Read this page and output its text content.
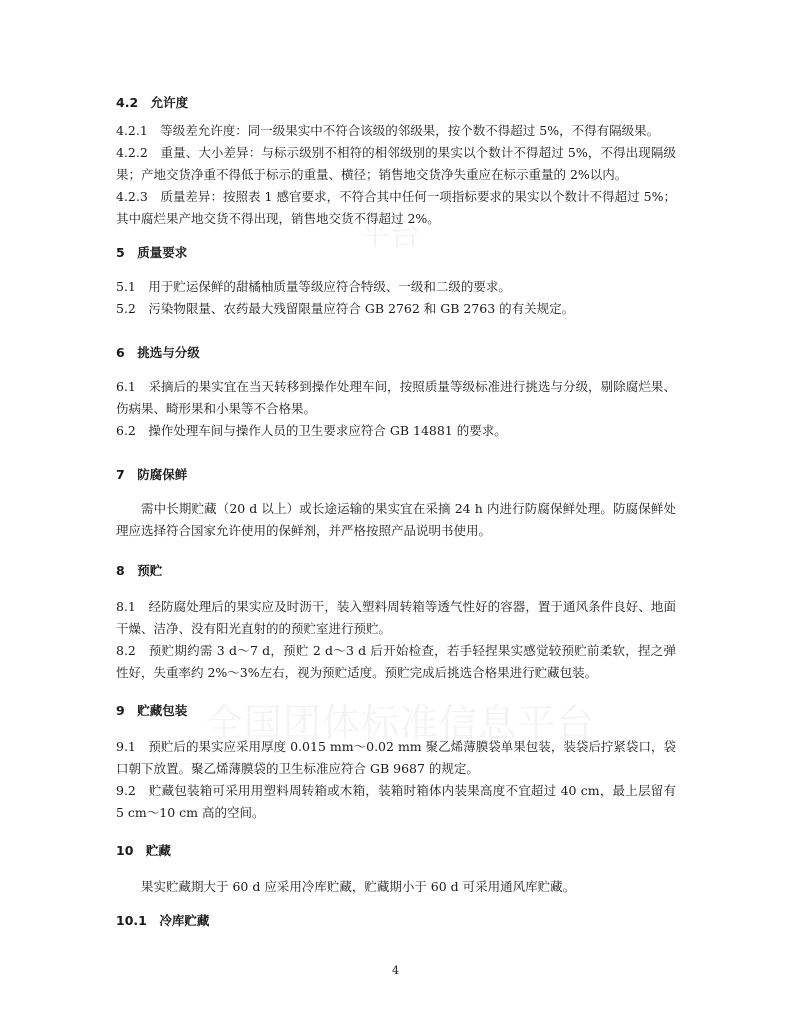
平台
全国团体标准信息平台
4.2　允许度
4.2.1　等级差允许度：同一级果实中不符合该级的邻级果，按个数不得超过 5%，不得有隔级果。
4.2.2　重量、大小差异：与标示级别不相符的相邻级别的果实以个数计不得超过 5%，不得出现隔级果；产地交货净重不得低于标示的重量、横径；销售地交货净失重应在标示重量的 2%以内。
4.2.3　质量差异：按照表 1 感官要求，不符合其中任何一项指标要求的果实以个数计不得超过 5%；其中腐烂果产地交货不得出现，销售地交货不得超过 2%。
5　质量要求
5.1　用于贮运保鲜的甜橘柚质量等级应符合特级、一级和二级的要求。
5.2　污染物限量、农药最大残留限量应符合 GB 2762 和 GB 2763 的有关规定。
6　挑选与分级
6.1　采摘后的果实宜在当天转移到操作处理车间，按照质量等级标准进行挑选与分级，剔除腐烂果、伤病果、畸形果和小果等不合格果。
6.2　操作处理车间与操作人员的卫生要求应符合 GB 14881 的要求。
7　防腐保鲜
需中长期贮藏（20 d 以上）或长途运输的果实宜在采摘 24 h 内进行防腐保鲜处理。防腐保鲜处理应选择符合国家允许使用的保鲜剂，并严格按照产品说明书使用。
8　预贮
8.1　经防腐处理后的果实应及时沥干，装入塑料周转箱等透气性好的容器，置于通风条件良好、地面干燥、洁净、没有阳光直射的的预贮室进行预贮。
8.2　预贮期约需 3 d～7 d，预贮 2 d～3 d 后开始检查，若手轻捏果实感觉较预贮前柔软，捏之弹性好，失重率约 2%～3%左右，视为预贮适度。预贮完成后挑选合格果进行贮藏包装。
9　贮藏包装
9.1　预贮后的果实应采用厚度 0.015 mm～0.02 mm 聚乙烯薄膜袋单果包装，装袋后拧紧袋口，袋口朝下放置。聚乙烯薄膜袋的卫生标准应符合 GB 9687 的规定。
9.2　贮藏包装箱可采用用塑料周转箱或木箱，装箱时箱体内装果高度不宜超过 40 cm，最上层留有 5 cm～10 cm 高的空间。
10　贮藏
果实贮藏期大于 60 d 应采用冷库贮藏，贮藏期小于 60 d 可采用通风库贮藏。
10.1　冷库贮藏
4
